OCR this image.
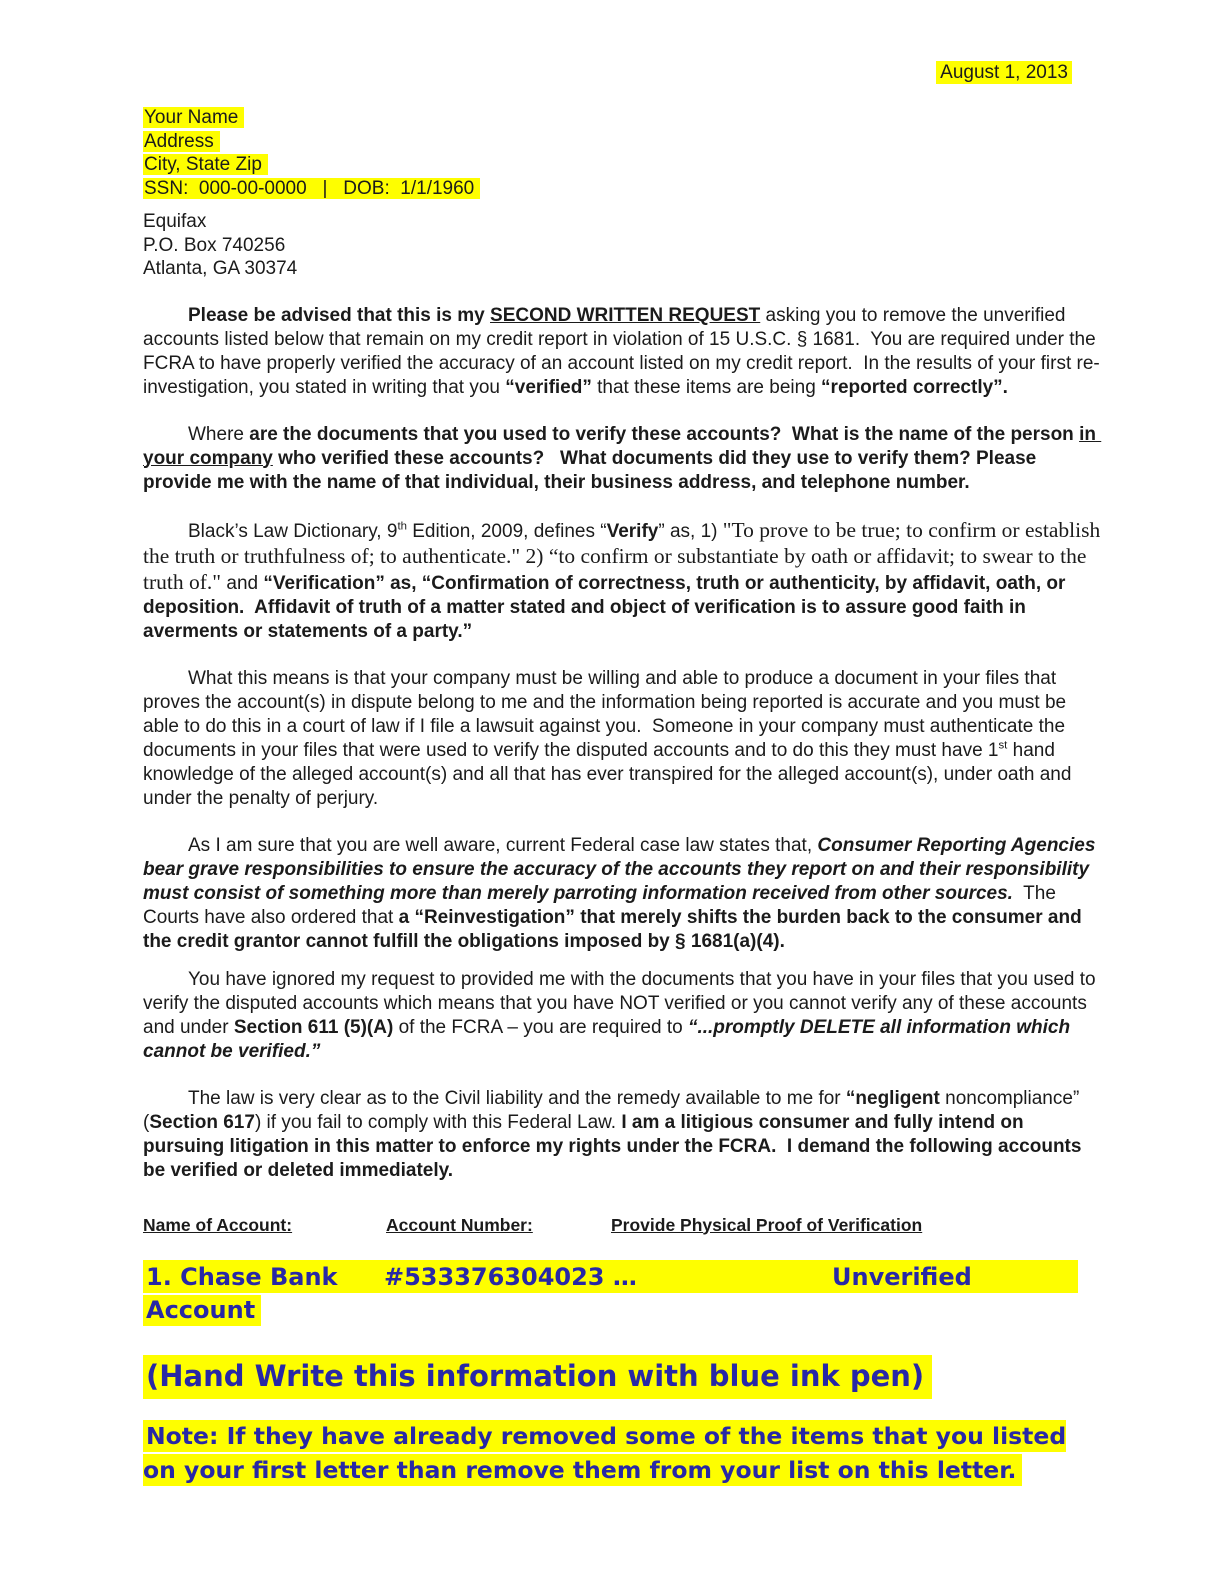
August 1, 2013
Your Name
Address
City, State Zip
SSN:  000-00-0000   |   DOB:  1/1/1960
Equifax
P.O. Box 740256
Atlanta, GA 30374
Please be advised that this is my SECOND WRITTEN REQUEST asking you to remove the unverified accounts listed below that remain on my credit report in violation of 15 U.S.C. § 1681.  You are required under the FCRA to have properly verified the accuracy of an account listed on my credit report.  In the results of your first re-investigation, you stated in writing that you “verified” that these items are being “reported correctly”.
Where are the documents that you used to verify these accounts?  What is the name of the person in your company who verified these accounts?   What documents did they use to verify them? Please provide me with the name of that individual, their business address, and telephone number.
Black’s Law Dictionary, 9th Edition, 2009, defines “Verify” as, 1) "To prove to be true; to confirm or establish the truth or truthfulness of; to authenticate." 2) “to confirm or substantiate by oath or affidavit; to swear to the truth of." and “Verification” as, “Confirmation of correctness, truth or authenticity, by affidavit, oath, or deposition.  Affidavit of truth of a matter stated and object of verification is to assure good faith in averments or statements of a party.”
What this means is that your company must be willing and able to produce a document in your files that proves the account(s) in dispute belong to me and the information being reported is accurate and you must be able to do this in a court of law if I file a lawsuit against you.  Someone in your company must authenticate the documents in your files that were used to verify the disputed accounts and to do this they must have 1st hand knowledge of the alleged account(s) and all that has ever transpired for the alleged account(s), under oath and under the penalty of perjury.
As I am sure that you are well aware, current Federal case law states that, Consumer Reporting Agencies bear grave responsibilities to ensure the accuracy of the accounts they report on and their responsibility must consist of something more than merely parroting information received from other sources.  The Courts have also ordered that a “Reinvestigation” that merely shifts the burden back to the consumer and the credit grantor cannot fulfill the obligations imposed by § 1681(a)(4).
You have ignored my request to provided me with the documents that you have in your files that you used to verify the disputed accounts which means that you have NOT verified or you cannot verify any of these accounts and under Section 611 (5)(A) of the FCRA – you are required to “...promptly DELETE all information which cannot be verified.”
The law is very clear as to the Civil liability and the remedy available to me for “negligent noncompliance” (Section 617) if you fail to comply with this Federal Law. I am a litigious consumer and fully intend on pursuing litigation in this matter to enforce my rights under the FCRA.  I demand the following accounts be verified or deleted immediately.
Name of Account:	Account Number:	Provide Physical Proof of Verification
1. Chase Bank	#533376304023 …	Unverified
Account
(Hand Write this information with blue ink pen)
Note: If they have already removed some of the items that you listed on your first letter than remove them from your list on this letter.
